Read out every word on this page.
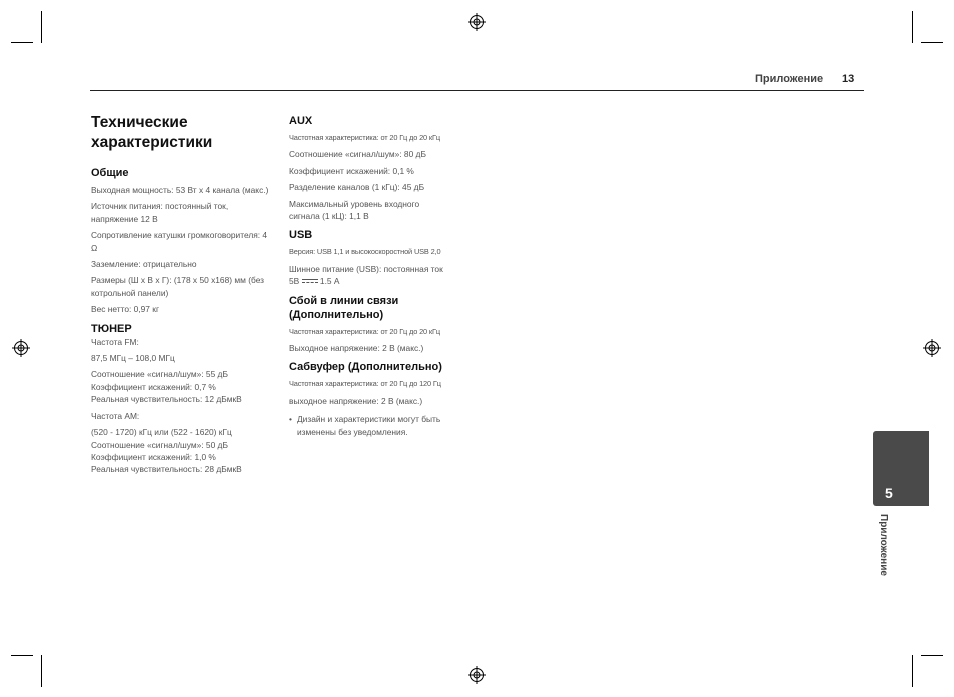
Приложение 13
Технические характеристики

Общие

Выходная мощность: 53 Вт x 4 канала (макс.)

Источник питания: постоянный ток, напряжение 12 В

Сопротивление катушки громкоговорителя: 4 Ω

Заземление: отрицательно

Размеры (Ш x В x Г): (178 x 50 x168) мм (без котрольной панели)

Вес нетто: 0,97 кг

ТЮНЕР

Частота FM:

87,5 МГц – 108,0 МГц

Соотношение «сигнал/шум»: 55 дБ

Коэффициент искажений: 0,7 %

Реальная чувствительность: 12 дБмкВ

Частота AM:

(520 - 1720) кГц или (522 - 1620) кГц

Соотношение «сигнал/шум»: 50 дБ

Коэффициент искажений: 1,0 %

Реальная чувствительность: 28 дБмкВ

AUX

Частотная характеристика: от 20 Гц до 20 кГц

Соотношение «сигнал/шум»: 80 дБ

Коэффициент искажений: 0,1 %

Разделение каналов (1 кГц): 45 дБ

Максимальный уровень входного сигнала (1 кЦ): 1,1 В

USB

Версия: USB 1,1 и высокоскоростной USB 2,0

Шинное питание (USB): постоянная ток
5В 1.5 A

Сбой в линии связи (Дополнительно)

Частотная характеристика: от 20 Гц до 20 кГц

Выходное напряжение: 2 В (макс.)

Сабвуфер (Дополнительно)

Частотная характеристика: от 20 Гц до 120 Гц

выходное напряжение: 2 В (макс.)

• Дизайн и характеристики могут быть изменены без уведомления.

5
Приложение
